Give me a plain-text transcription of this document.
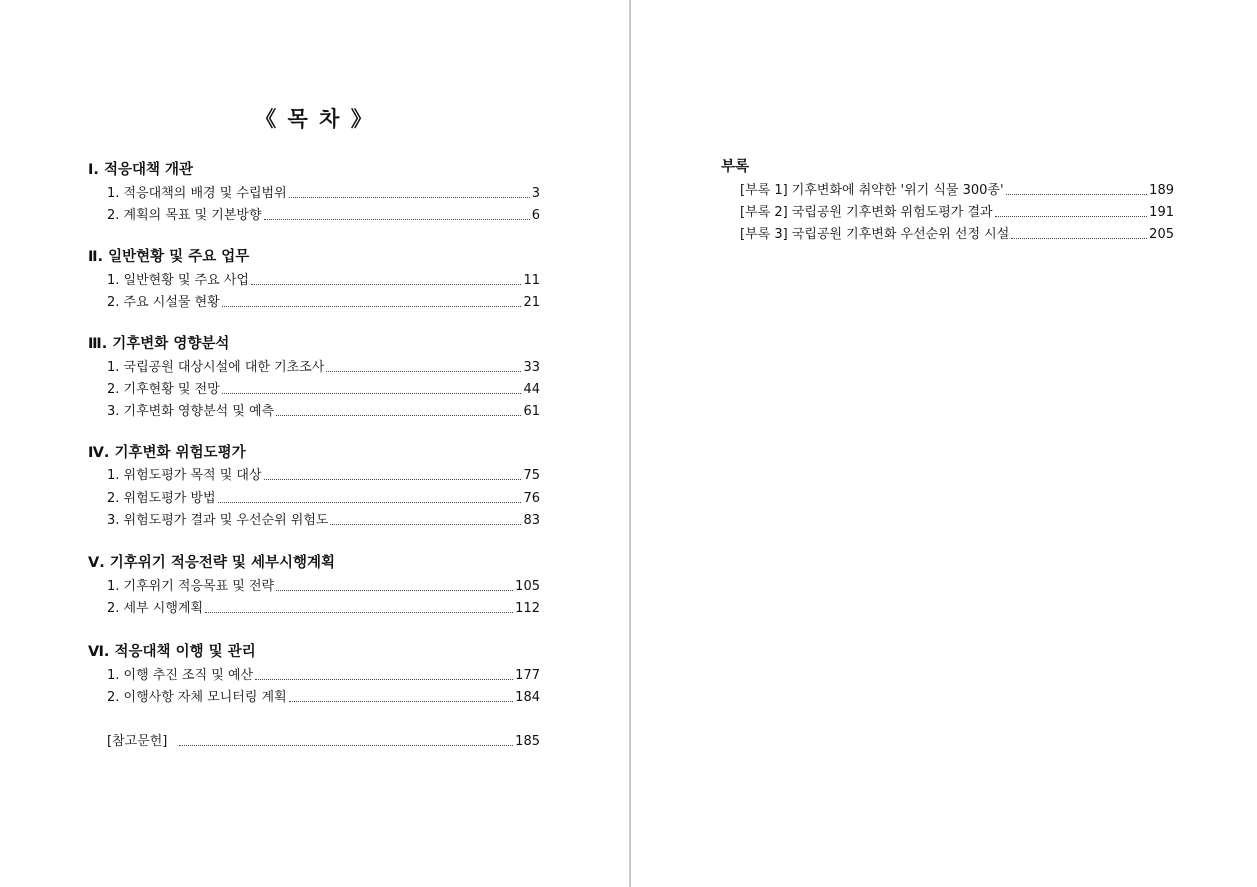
《 목 차 》
Ⅰ. 적응대책 개관
1. 적응대책의 배경 및 수립범위	3
2. 계획의 목표 및 기본방향	6
Ⅱ. 일반현황 및 주요 업무
1. 일반현황 및 주요 사업	11
2. 주요 시설물 현황	21
Ⅲ. 기후변화 영향분석
1. 국립공원 대상시설에 대한 기초조사	33
2. 기후현황 및 전망	44
3. 기후변화 영향분석 및 예측	61
Ⅳ. 기후변화 위험도평가
1. 위험도평가 목적 및 대상	75
2. 위험도평가 방법	76
3. 위험도평가 결과 및 우선순위 위험도	83
Ⅴ. 기후위기 적응전략 및 세부시행계획
1. 기후위기 적응목표 및 전략	105
2. 세부 시행계획	112
Ⅵ. 적응대책 이행 및 관리
1. 이행 추진 조직 및 예산	177
2. 이행사항 자체 모니터링 계획	184
[참고문헌]	185
부록
[부록 1] 기후변화에 취약한 '위기 식물 300종'	189
[부록 2] 국립공원 기후변화 위험도평가 결과	191
[부록 3] 국립공원 기후변화 우선순위 선정 시설	205
